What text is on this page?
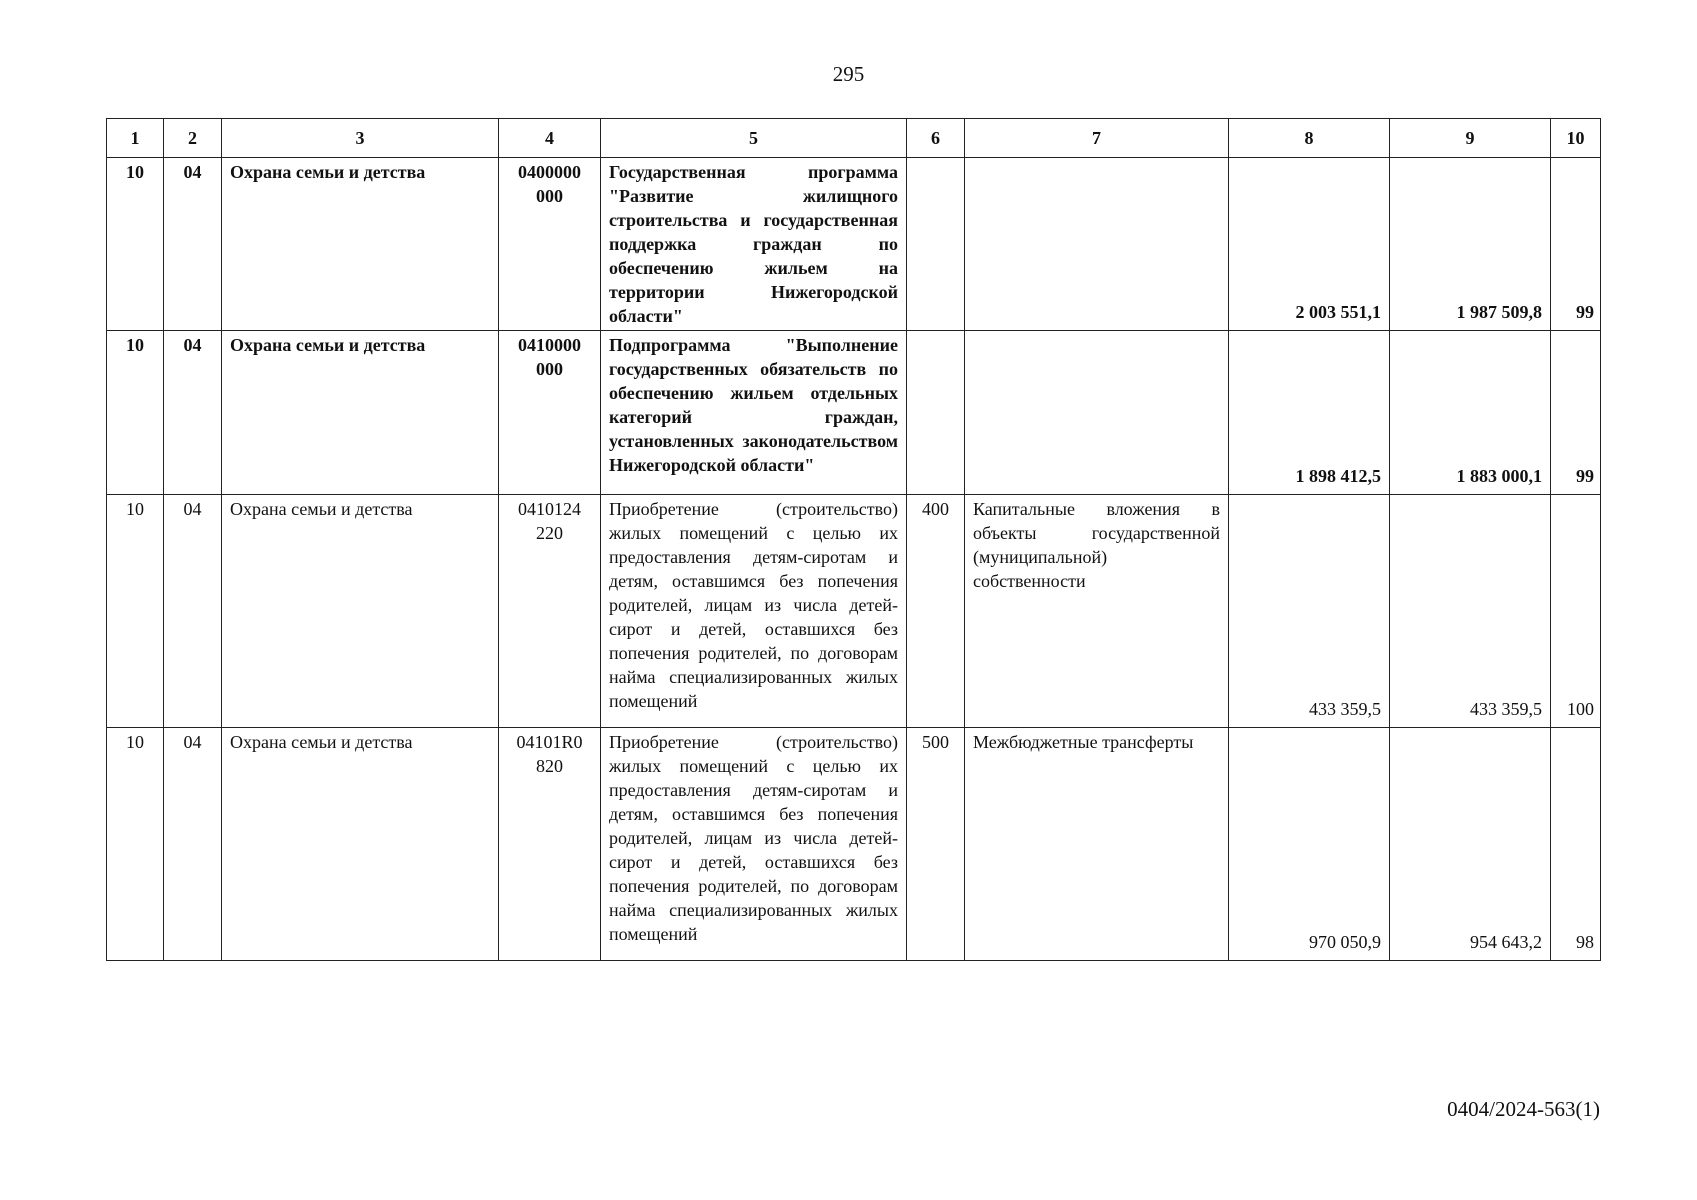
295
1	2	3	4	5	6	7	8	9	10
10	04	Охрана семьи и детства	0400000 000	Государственная программа "Развитие жилищного строительства и государственная поддержка граждан по обеспечению жильем на территории Нижегородской области"			2 003 551,1	1 987 509,8	99
10	04	Охрана семьи и детства	0410000 000	Подпрограмма "Выполнение государственных обязательств по обеспечению жильем отдельных категорий граждан, установленных законодательством Нижегородской области"			1 898 412,5	1 883 000,1	99
10	04	Охрана семьи и детства	0410124 220	Приобретение (строительство) жилых помещений с целью их предоставления детям-сиротам и детям, оставшимся без попечения родителей, лицам из числа детей-сирот и детей, оставшихся без попечения родителей, по договорам найма специализированных жилых помещений	400	Капитальные вложения в объекты государственной (муниципальной) собственности	433 359,5	433 359,5	100
10	04	Охрана семьи и детства	04101R0 820	Приобретение (строительство) жилых помещений с целью их предоставления детям-сиротам и детям, оставшимся без попечения родителей, лицам из числа детей-сирот и детей, оставшихся без попечения родителей, по договорам найма специализированных жилых помещений	500	Межбюджетные трансферты	970 050,9	954 643,2	98
0404/2024-563(1)
